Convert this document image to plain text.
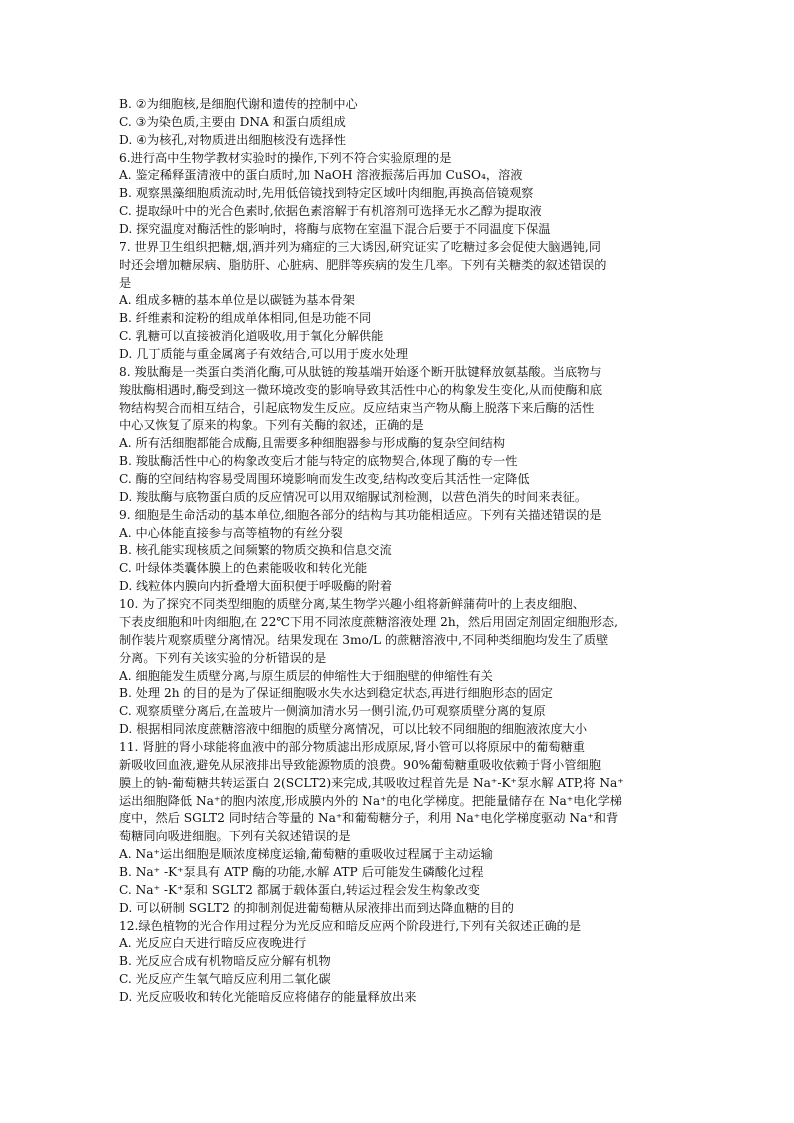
B. ②为细胞核,是细胞代谢和遗传的控制中心
C. ③为染色质,主要由 DNA 和蛋白质组成
D. ④为核孔,对物质进出细胞核没有选择性
6.进行高中生物学教材实验时的操作,下列不符合实验原理的是
A. 鉴定稀释蛋清液中的蛋白质时,加 NaOH 溶液振荡后再加 CuSO₄，溶液
B. 观察黑藻细胞质流动时,先用低倍镜找到特定区域叶肉细胞,再换高倍镜观察
C. 提取绿叶中的光合色素时,依据色素溶解于有机溶剂可选择无水乙醇为提取液
D. 探究温度对酶活性的影响时，将酶与底物在室温下混合后要于不同温度下保温
7. 世界卫生组织把糖,烟,酒并列为痛症的三大诱因,研究证实了吃糖过多会促使大脑遇钝,同
时还会增加糖尿病、脂肪肝、心脏病、肥胖等疾病的发生几率。下列有关糖类的叙述错误的
是
A. 组成多糖的基本单位是以碳链为基本骨架
B. 纤维素和淀粉的组成单体相同,但是功能不同
C. 乳糖可以直接被消化道吸收,用于氧化分解供能
D. 几丁质能与重金属离子有效结合,可以用于废水处理
8. 羧肽酶是一类蛋白类消化酶,可从肽链的羧基端开始逐个断开肽键释放氨基酸。当底物与
羧肽酶相遇时,酶受到这一微环境改变的影响导致其活性中心的构象发生变化,从而使酶和底
物结构契合而相互结合，引起底物发生反应。反应结束当产物从酶上脱落下来后酶的活性
中心又恢复了原来的构象。下列有关酶的叙述，正确的是
A. 所有活细胞都能合成酶,且需要多种细胞器参与形成酶的复杂空间结构
B. 羧肽酶活性中心的构象改变后才能与特定的底物契合,体现了酶的专一性
C. 酶的空间结构容易受周围环境影响而发生改变,结构改变后其活性一定降低
D. 羧肽酶与底物蛋白质的反应情况可以用双缩脲试剂检测，以营色消失的时间来表征。
9. 细胞是生命活动的基本单位,细胞各部分的结构与其功能相适应。下列有关描述错误的是
A. 中心体能直接参与高等植物的有丝分裂
B. 核孔能实现核质之间频繁的物质交换和信息交流
C. 叶绿体类囊体膜上的色素能吸收和转化光能
D. 线粒体内膜向内折叠增大面积便于呼吸酶的附着
10. 为了探究不同类型细胞的质壁分离,某生物学兴趣小组将新鲜蒲荷叶的上表皮细胞、
下表皮细胞和叶肉细胞,在 22℃下用不同浓度蔗糖溶液处理 2h，然后用固定剂固定细胞形态,
制作装片观察质壁分离情况。结果发现在 3mo/L 的蔗糖溶液中,不同种类细胞均发生了质壁
分离。下列有关该实验的分析错误的是
A. 细胞能发生质壁分离,与原生质层的伸缩性大于细胞壁的伸缩性有关
B. 处理 2h 的目的是为了保证细胞吸水失水达到稳定状态,再进行细胞形态的固定
C. 观察质壁分离后,在盖玻片一侧滴加清水另一侧引流,仍可观察质壁分离的复原
D. 根据相同浓度蔗糖溶液中细胞的质壁分离情况，可以比较不同细胞的细胞液浓度大小
11. 肾脏的肾小球能将血液中的部分物质滤出形成原尿,肾小管可以将原尿中的葡萄糖重
新吸收回血液,避免从尿液排出导致能源物质的浪费。90%葡萄糖重吸收依赖于肾小管细胞
膜上的钠-葡萄糖共转运蛋白 2(SCLT2)来完成,其吸收过程首先是 Na⁺-K⁺泵水解 ATP,将 Na⁺
运出细胞降低 Na⁺的胞内浓度,形成膜内外的 Na⁺的电化学梯度。把能量储存在 Na⁺电化学梯
度中，然后 SGLT2 同时结合等量的 Na⁺和葡萄糖分子，利用 Na⁺电化学梯度驱动 Na⁺和背
萄糖同向吸进细胞。下列有关叙述错误的是
A. Na⁺运出细胞是顺浓度梯度运输,葡萄糖的重吸收过程属于主动运输
B. Na⁺ -K⁺泵具有 ATP 酶的功能,水解 ATP 后可能发生磷酸化过程
C. Na⁺ -K⁺泵和 SGLT2 都属于载体蛋白,转运过程会发生构象改变
D. 可以研制 SGLT2 的抑制剂促进葡萄糖从尿液排出而到达降血糖的目的
12.绿色植物的光合作用过程分为光反应和暗反应两个阶段进行,下列有关叙述正确的是
A. 光反应白天进行暗反应夜晚进行
B. 光反应合成有机物暗反应分解有机物
C. 光反应产生氧气暗反应利用二氧化碳
D. 光反应吸收和转化光能暗反应将储存的能量释放出来
